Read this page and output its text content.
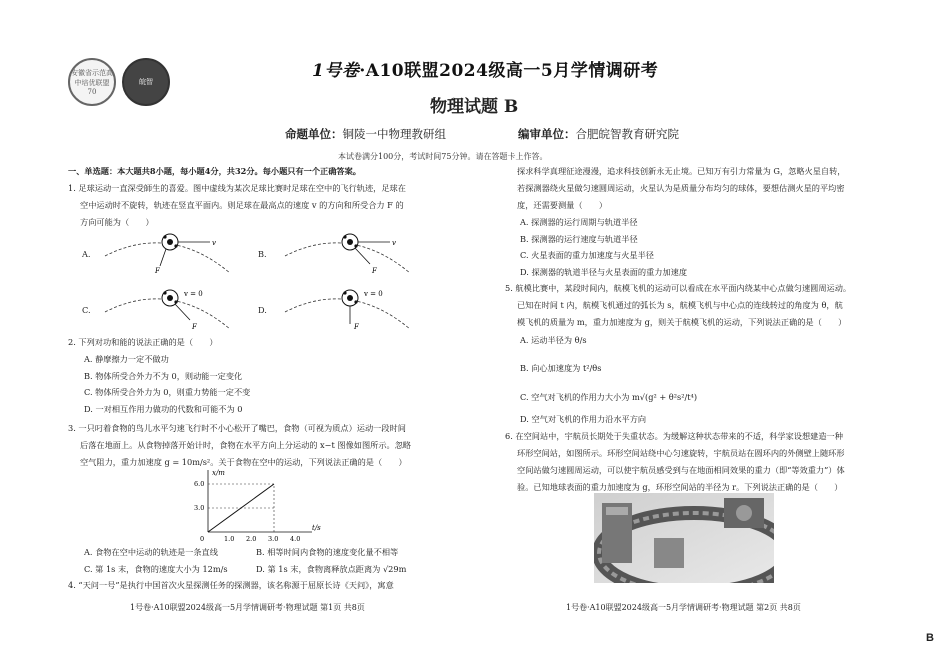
安徽省示范高中培优联盟 70
皖智
1号卷·A10联盟2024级高一5月学情调研考
物理试题 B
命题单位：铜陵一中物理教研组	编审单位：合肥皖智教育研究院
本试卷满分100分，考试时间75分钟。请在答题卡上作答。
一、单选题：本大题共8小题，每小题4分，共32分。每小题只有一个正确答案。
1. 足球运动一直深受師生的喜爱。图中虚线为某次足球比赛时足球在空中的飞行轨迹，足球在
空中运动时不旋转，轨迹在竖直平面内。则足球在最高点的速度 v 的方向和所受合力 F 的
方向可能为（　　）
A.	B.
C.	D.
v
F
v
F
v = 0
F
v = 0
F
2. 下列对功和能的说法正确的是（　　）
A. 静摩擦力一定不做功
B. 物体所受合外力不为 0，则动能一定变化
C. 物体所受合外力为 0，则重力势能一定不变
D. 一对相互作用力做功的代数和可能不为 0
3. 一只叼着食物的鸟儿水平匀速飞行时不小心松开了嘴巴，食物（可视为质点）运动一段时间
后落在地面上。从食物掉落开始计时，食物在水平方向上分运动的 x−t 图像如图所示。忽略
空气阻力，重力加速度 g = 10m/s²。关于食物在空中的运动，下列说法正确的是（　　）
x/m
t/s
0	1.0 2.0 3.0 4.0
3.0
6.0
A. 食物在空中运动的轨迹是一条直线	B. 相等时间内食物的速度变化量不相等
C. 第 1s 末，食物的速度大小为 12m/s	D. 第 1s 末，食物离释放点距离为 √29m
4. “天问一号”是执行中国首次火星探测任务的探测器，该名称源于屈原长诗《天问》，寓意
1号卷·A10联盟2024级高一5月学情调研考·物理试题 第1页 共8页
探求科学真理征途漫漫，追求科技创新永无止境。已知万有引力常量为 G，忽略火星自转，
若探测器绕火星做匀速圆周运动，火星认为是质量分布均匀的球体，要想估测火星的平均密
度，还需要测量（　　）
A. 探测器的运行周期与轨道半径
B. 探测器的运行速度与轨道半径
C. 火星表面的重力加速度与火星半径
D. 探测器的轨道半径与火星表面的重力加速度
5. 航模比赛中，某段时间内，航模飞机的运动可以看成在水平面内绕某中心点做匀速圆周运动。
已知在时间 t 内，航模飞机通过的弧长为 s，航模飞机与中心点的连线转过的角度为 θ，航
模飞机的质量为 m，重力加速度为 g，则关于航模飞机的运动，下列说法正确的是（　　）
A. 运动半径为 θ/s
B. 向心加速度为 t²/θs
C. 空气对飞机的作用力大小为 m√(g² + θ²s²/t⁴)
D. 空气对飞机的作用力沿水平方向
6. 在空间站中，宇航员长期处于失重状态。为缓解这种状态带来的不适，科学家设想建造一种
环形空间站，如图所示。环形空间站绕中心匀速旋转，宇航员站在圆环内的外侧壁上随环形
空间站做匀速圆周运动，可以使宇航员感受到与在地面相同效果的重力（即“等效重力”）体
验。已知地球表面的重力加速度为 g，环形空间站的半径为 r。下列说法正确的是（　　）
1号卷·A10联盟2024级高一5月学情调研考·物理试题 第2页 共8页
B
